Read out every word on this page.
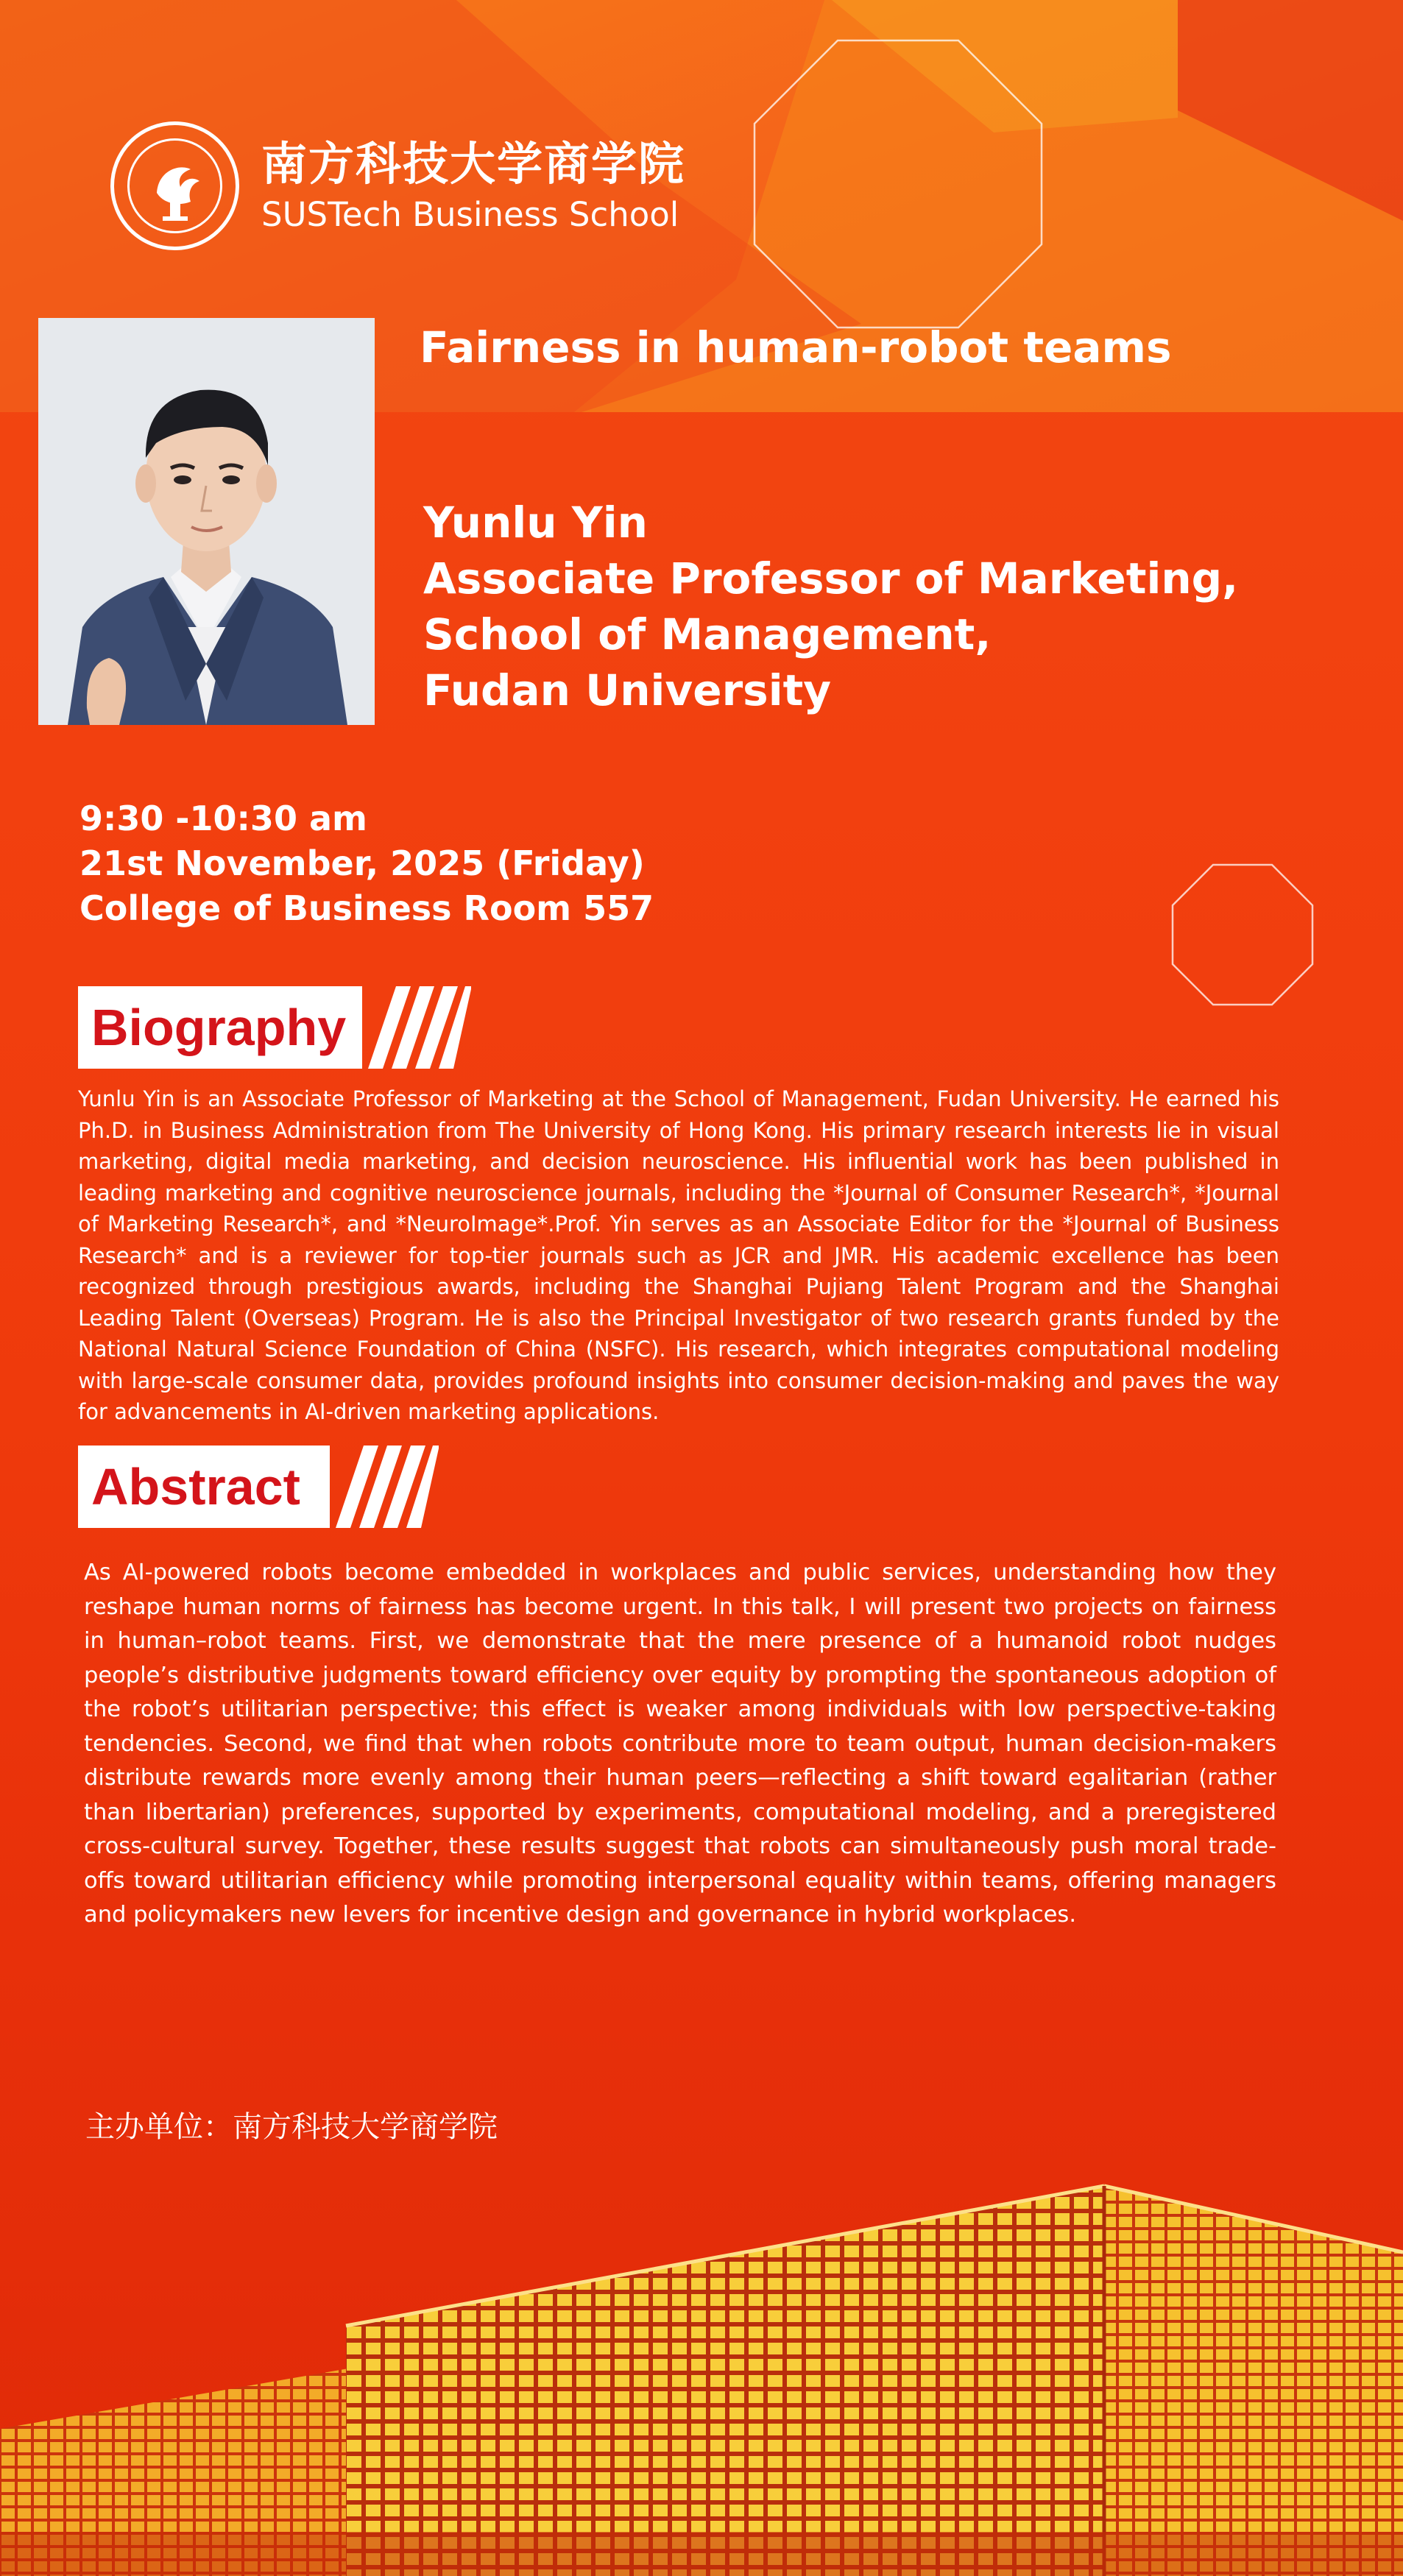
南方科技大学商学院
SUSTech Business School
Fairness in human-robot teams
Yunlu Yin
Associate Professor of Marketing,
School of Management,
Fudan University
9:30 -10:30 am
21st November, 2025 (Friday)
College of Business Room 557
Biography
Yunlu Yin is an Associate Professor of Marketing at the School of Management, Fudan University. He earned his Ph.D. in Business Administration from The University of Hong Kong. His primary research interests lie in visual marketing, digital media marketing, and decision neuroscience. His influential work has been published in leading marketing and cognitive neuroscience journals, including the *Journal of Consumer Research*, *Journal of Marketing Research*, and *NeuroImage*.Prof. Yin serves as an Associate Editor for the *Journal of Business Research* and is a reviewer for top-tier journals such as JCR and JMR. His academic excellence has been recognized through prestigious awards, including the Shanghai Pujiang Talent Program and the Shanghai Leading Talent (Overseas) Program. He is also the Principal Investigator of two research grants funded by the National Natural Science Foundation of China (NSFC). His research, which integrates computational modeling with large-scale consumer data, provides profound insights into consumer decision-making and paves the way for advancements in AI-driven marketing applications.
Abstract
As AI-powered robots become embedded in workplaces and public services, understanding how they reshape human norms of fairness has become urgent. In this talk, I will present two projects on fairness in human–robot teams. First, we demonstrate that the mere presence of a humanoid robot nudges people’s distributive judgments toward efficiency over equity by prompting the spontaneous adoption of the robot’s utilitarian perspective; this effect is weaker among individuals with low perspective-taking tendencies. Second, we find that when robots contribute more to team output, human decision-makers distribute rewards more evenly among their human peers—reflecting a shift toward egalitarian (rather than libertarian) preferences, supported by experiments, computational modeling, and a preregistered cross-cultural survey. Together, these results suggest that robots can simultaneously push moral trade-offs toward utilitarian efficiency while promoting interpersonal equality within teams, offering managers and policymakers new levers for incentive design and governance in hybrid workplaces.
主办单位：南方科技大学商学院
